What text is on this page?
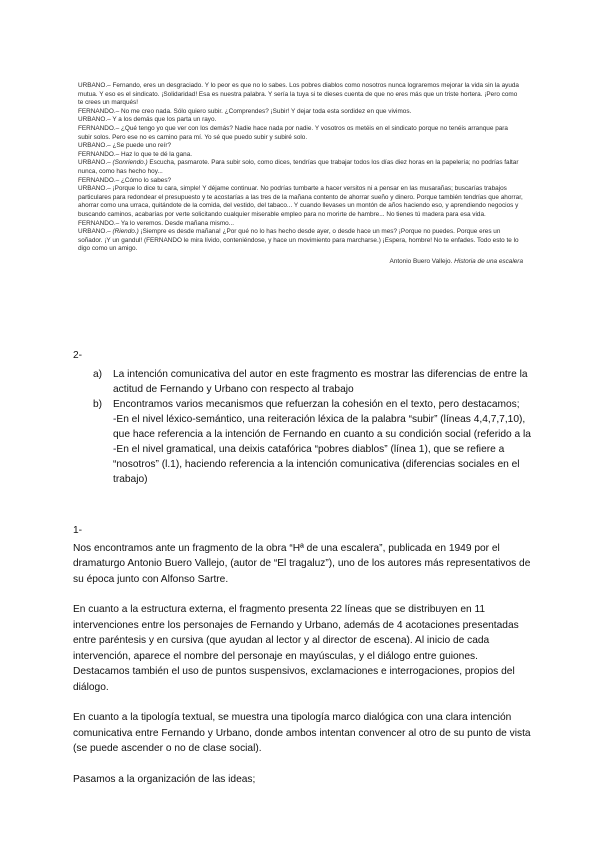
URBANO.– Fernando, eres un desgraciado. Y lo peor es que no lo sabes. Los pobres diablos como nosotros nunca lograremos mejorar la vida sin la ayuda mutua. Y eso es el sindicato. ¡Solidaridad! Esa es nuestra palabra. Y sería la tuya si te dieses cuenta de que no eres más que un triste hortera. ¡Pero como te crees un marqués!

FERNANDO.– No me creo nada. Sólo quiero subir. ¿Comprendes? ¡Subir! Y dejar toda esta sordidez en que vivimos.

URBANO.– Y a los demás que los parta un rayo.

FERNANDO.– ¿Qué tengo yo que ver con los demás? Nadie hace nada por nadie. Y vosotros os metéis en el sindicato porque no tenéis arranque para subir solos. Pero ese no es camino para mí. Yo sé que puedo subir y subiré solo.

URBANO.– ¿Se puede uno reír?

FERNANDO.– Haz lo que te dé la gana.

URBANO.– (Sonriendo.) Escucha, pasmarote. Para subir solo, como dices, tendrías que trabajar todos los días diez horas en la papelería; no podrías faltar nunca, como has hecho hoy...

FERNANDO.– ¿Cómo lo sabes?

URBANO.– ¡Porque lo dice tu cara, simple! Y déjame continuar. No podrías tumbarte a hacer versitos ni a pensar en las musarañas; buscarías trabajos particulares para redondear el presupuesto y te acostarías a las tres de la mañana contento de ahorrar sueño y dinero. Porque también tendrías que ahorrar, ahorrar como una urraca, quitándote de la comida, del vestido, del tabaco... Y cuando llevases un montón de años haciendo eso, y aprendiendo negocios y buscando caminos, acabarías por verte solicitando cualquier miserable empleo para no morirte de hambre... No tienes tú madera para esa vida.

FERNANDO.– Ya lo veremos. Desde mañana mismo...

URBANO.– (Riendo.) ¡Siempre es desde mañana! ¿Por qué no lo has hecho desde ayer, o desde hace un mes? ¡Porque no puedes. Porque eres un soñador. ¡Y un gandul! (FERNANDO le mira lívido, conteniéndose, y hace un movimiento para marcharse.) ¡Espera, hombre! No te enfades. Todo esto te lo digo como un amigo.

Antonio Buero Vallejo. Historia de una escalera
2-
a)	La intención comunicativa del autor en este fragmento es mostrar las diferencias de entre la actitud de Fernando y Urbano con respecto al trabajo

b)	Encontramos varios mecanismos que refuerzan la cohesión en el texto, pero destacamos;

-En el nivel léxico-semántico, una reiteración léxica de la palabra “subir” (líneas 4,4,7,7,10), que hace referencia a la intención de Fernando en cuanto a su condición social (referido a la

-En el nivel gramatical, una deixis catafórica “pobres diablos” (línea 1), que se refiere a “nosotros” (l.1), haciendo referencia a la intención comunicativa (diferencias sociales en el trabajo)

1-

Nos encontramos ante un fragmento de la obra “Hª de una escalera”, publicada en 1949 por el dramaturgo Antonio Buero Vallejo, (autor de “El tragaluz”), uno de los autores más representativos de su época junto con Alfonso Sartre.

En cuanto a la estructura externa, el fragmento presenta 22 líneas que se distribuyen en 11 intervenciones entre los personajes de Fernando y Urbano, además de 4 acotaciones presentadas entre paréntesis y en cursiva (que ayudan al lector y al director de escena). Al inicio de cada intervención, aparece el nombre del personaje en mayúsculas, y el diálogo entre guiones. Destacamos también el uso de puntos suspensivos, exclamaciones e interrogaciones, propios del diálogo.

En cuanto a la tipología textual, se muestra una tipología marco dialógica con una clara intención comunicativa entre Fernando y Urbano, donde ambos intentan convencer al otro de su punto de vista (se puede ascender o no de clase social).

Pasamos a la organización de las ideas;
